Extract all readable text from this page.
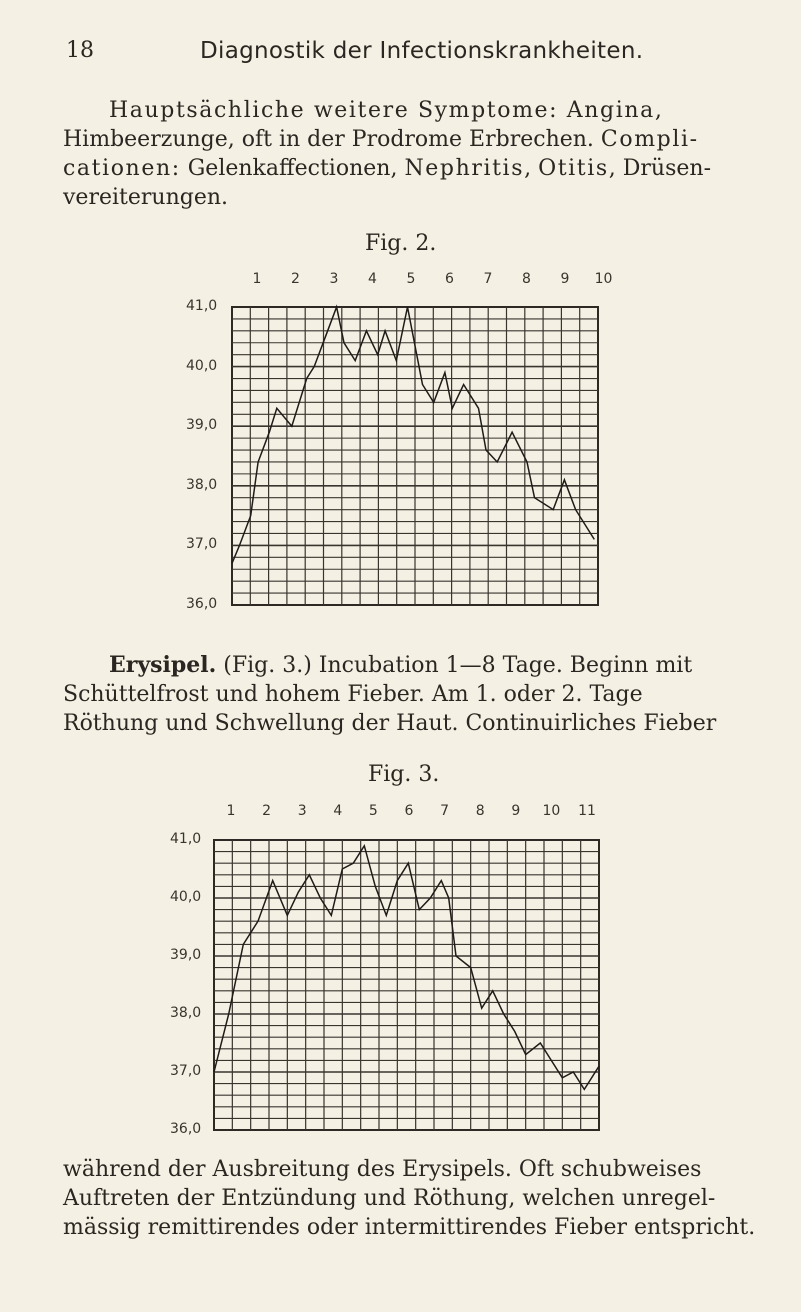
18	Diagnostik der Infectionskrankheiten.
Hauptsächliche weitere Symptome: Angina,
Himbeerzunge, oft in der Prodrome Erbrechen. Compli-
cationen: Gelenkaffectionen, Nephritis, Otitis, Drüsen-
vereiterungen.
Fig. 2.
41,0
40,0
39,0
38,0
37,0
36,0
1 2 3 4 5 6 7 8 9 10
Erysipel. (Fig. 3.) Incubation 1—8 Tage. Beginn mit
Schüttelfrost und hohem Fieber. Am 1. oder 2. Tage
Röthung und Schwellung der Haut. Continuirliches Fieber
Fig. 3.
41,0
40,0
39,0
38,0
37,0
36,0
1 2 3 4 5 6 7 8 9 10 11
während der Ausbreitung des Erysipels. Oft schubweises
Auftreten der Entzündung und Röthung, welchen unregel-
mässig remittirendes oder intermittirendes Fieber entspricht.
